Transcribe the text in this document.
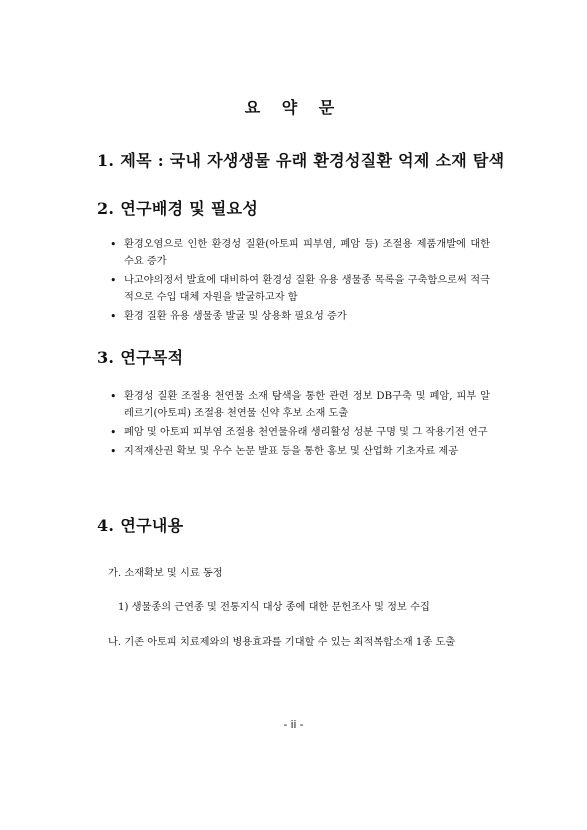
요 약 문
1. 제목 : 국내 자생생물 유래 환경성질환 억제 소재 탐색
2. 연구배경 및 필요성
• 환경오염으로 인한 환경성 질환(아토피 피부염, 폐암 등) 조절용 제품개발에 대한 수요 증가
• 나고야의정서 발효에 대비하여 환경성 질환 유용 생물종 목록을 구축함으로써 적극적으로 수입 대체 자원을 발굴하고자 함
• 환경 질환 유용 생물종 발굴 및 상용화 필요성 증가
3. 연구목적
• 환경성 질환 조절용 천연물 소재 탐색을 통한 관련 정보 DB구축 및 폐암, 피부 알레르기(아토피) 조절용 천연물 신약 후보 소재 도출
• 폐암 및 아토피 피부염 조절용 천연물유래 생리활성 성분 구명 및 그 작용기전 연구
• 지적재산권 확보 및 우수 논문 발표 등을 통한 홍보 및 산업화 기초자료 제공
4. 연구내용
가. 소재확보 및 시료 동정
1) 생물종의 근연종 및 전통지식 대상 종에 대한 문헌조사 및 정보 수집
나. 기존 아토피 치료제와의 병용효과를 기대할 수 있는 최적복합소재 1종 도출
- ii -
